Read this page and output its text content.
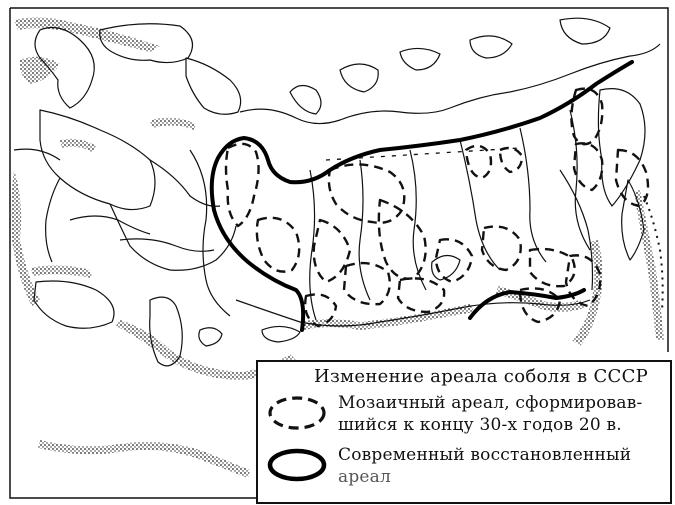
Изменение ареала соболя в СССР
Мозаичный ареал, сформировав-
шийся к концу 30-х годов 20 в.
Современный восстановленный
ареал
